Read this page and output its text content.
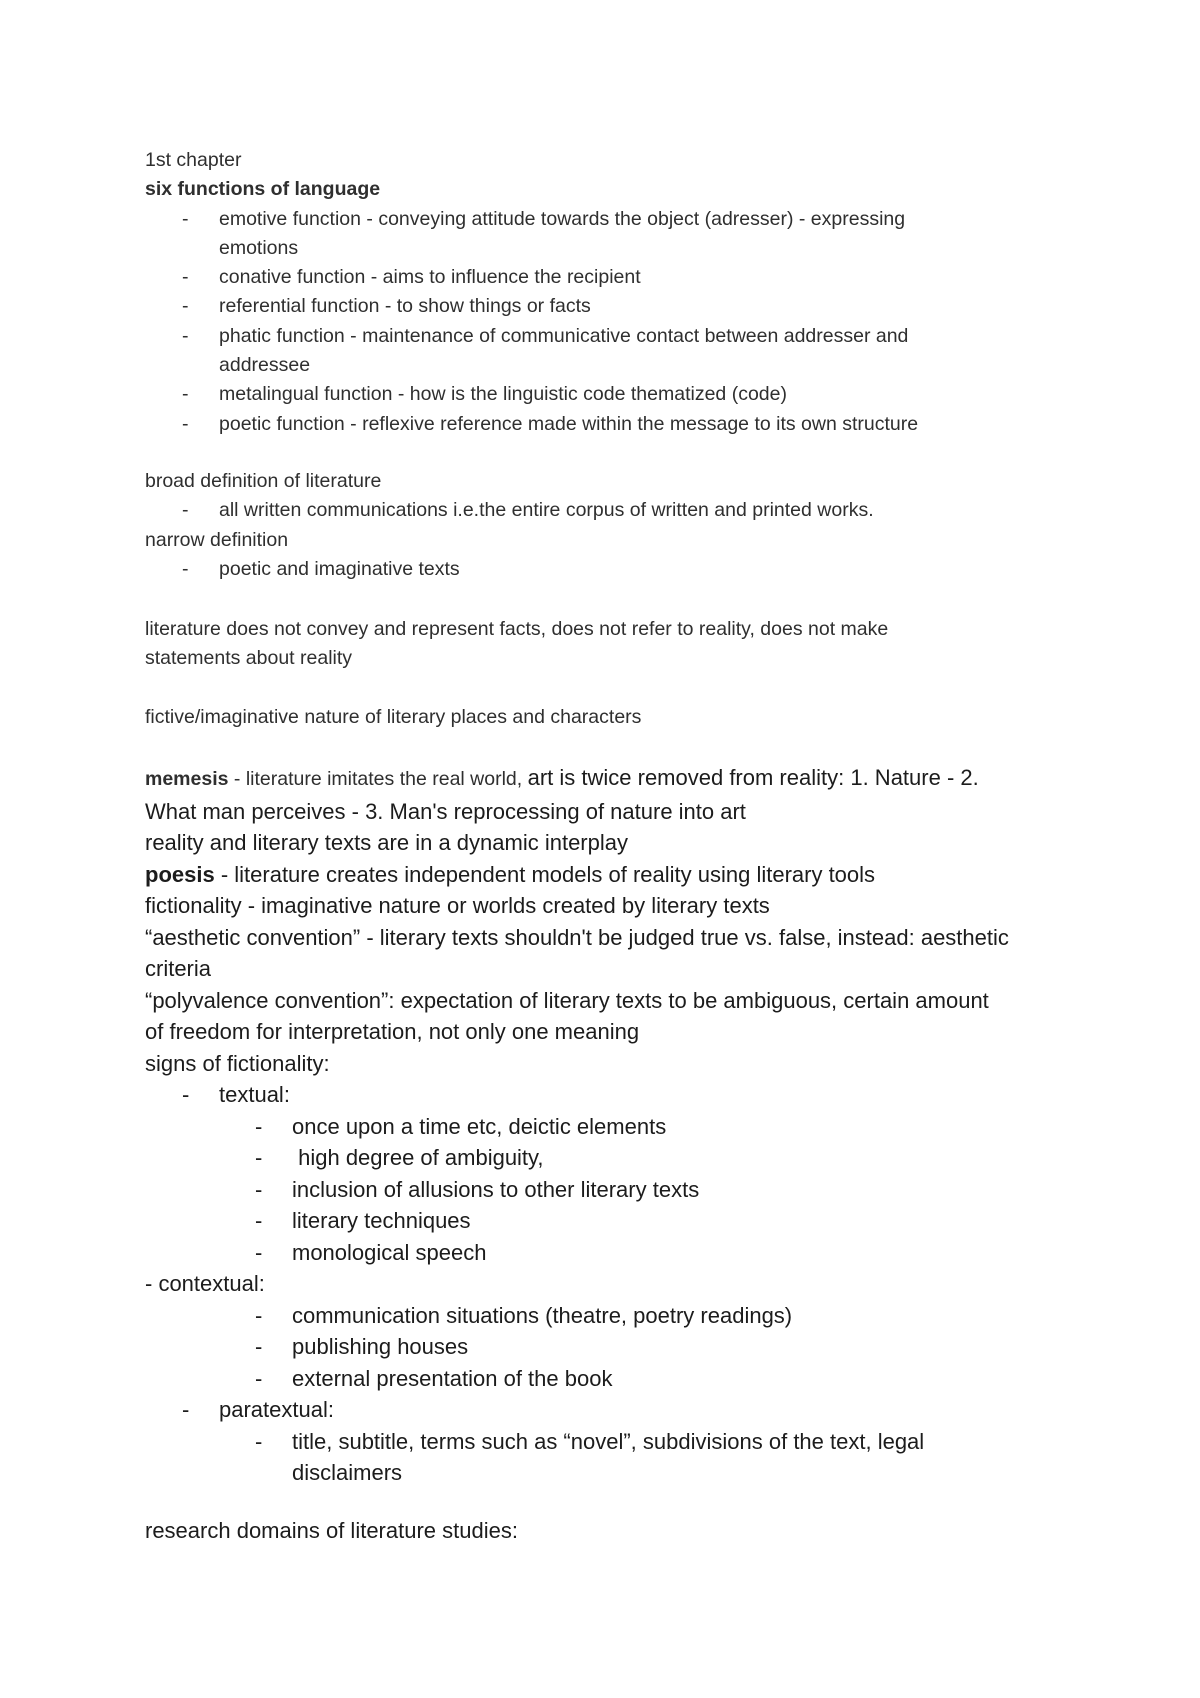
1st chapter
six functions of language
-	emotive function - conveying attitude towards the object (adresser) - expressing
emotions
-	conative function - aims to influence the recipient
-	referential function - to show things or facts
-	phatic function - maintenance of communicative contact between addresser and
addressee
-	metalingual function - how is the linguistic code thematized (code)
-	poetic function - reflexive reference made within the message to its own structure
broad definition of literature
-	all written communications i.e.the entire corpus of written and printed works.
narrow definition
-	poetic and imaginative texts
literature does not convey and represent facts, does not refer to reality, does not make
statements about reality
fictive/imaginative nature of literary places and characters
memesis - literature imitates the real world, art is twice removed from reality: 1. Nature - 2.
What man perceives - 3. Man's reprocessing of nature into art
reality and literary texts are in a dynamic interplay
poesis - literature creates independent models of reality using literary tools
fictionality - imaginative nature or worlds created by literary texts
“aesthetic convention” - literary texts shouldn't be judged true vs. false, instead: aesthetic
criteria
“polyvalence convention”: expectation of literary texts to be ambiguous, certain amount
of freedom for interpretation, not only one meaning
signs of fictionality:
-	textual:
-	once upon a time etc, deictic elements
-	high degree of ambiguity,
-	inclusion of allusions to other literary texts
-	literary techniques
-	monological speech
- contextual:
-	communication situations (theatre, poetry readings)
-	publishing houses
-	external presentation of the book
-	paratextual:
-	title, subtitle, terms such as “novel”, subdivisions of the text, legal
disclaimers
research domains of literature studies:
